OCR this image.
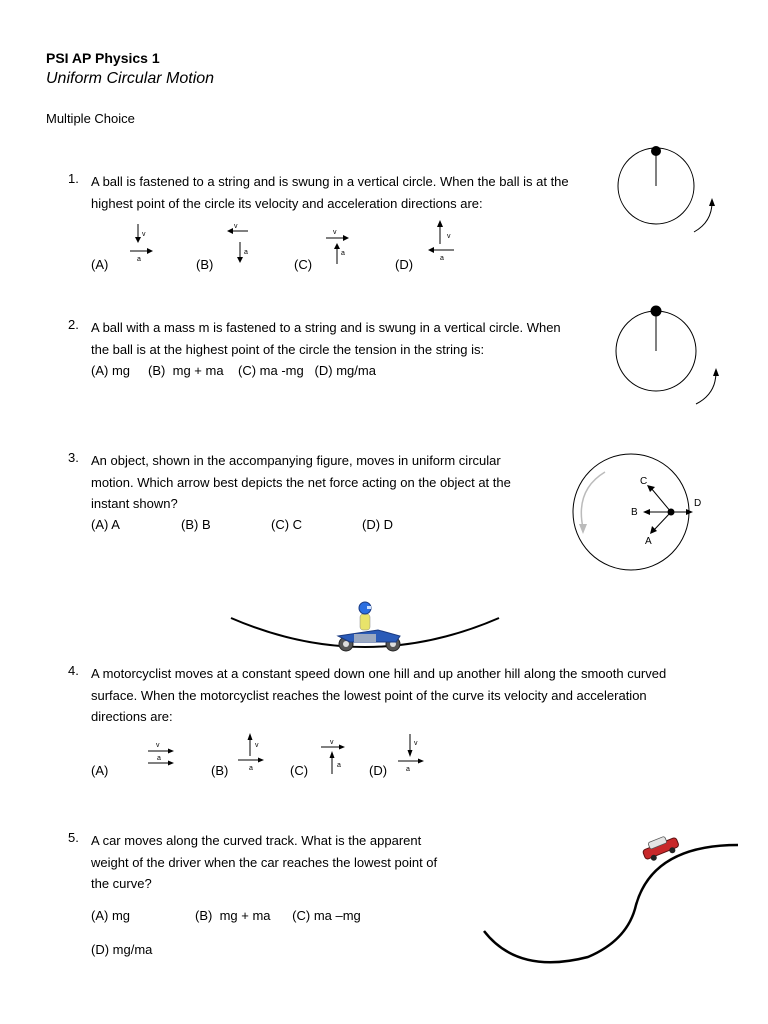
PSI AP Physics 1
Uniform Circular Motion
Multiple Choice
1. A ball is fastened to a string and is swung in a vertical circle. When the ball is at the
highest point of the circle its velocity and acceleration directions are:
(A)	(B)	(C)	(D)
v
a
v
a
v
a
v
a
2. A ball with a mass m is fastened to a string and is swung in a vertical circle. When
the ball is at the highest point of the circle the tension in the string is:
(A) mg     (B)  mg + ma    (C) ma -mg   (D) mg/ma
3. An object, shown in the accompanying figure, moves in uniform circular
motion. Which arrow best depicts the net force acting on the object at the
instant shown?
(A) A	(B) B	(C) C	(D) D
D
B
C
A
4. A motorcyclist moves at a constant speed down one hill and up another hill along the smooth curved
surface. When the motorcyclist reaches the lowest point of the curve its velocity and acceleration
directions are:
(A)	(B)	(C)	(D)
v
a
v
a
v
a
v
a
5. A car moves along the curved track. What is the apparent
weight of the driver when the car reaches the lowest point of
the curve?
(A) mg                  (B)  mg + ma      (C) ma –mg
(D) mg/ma
